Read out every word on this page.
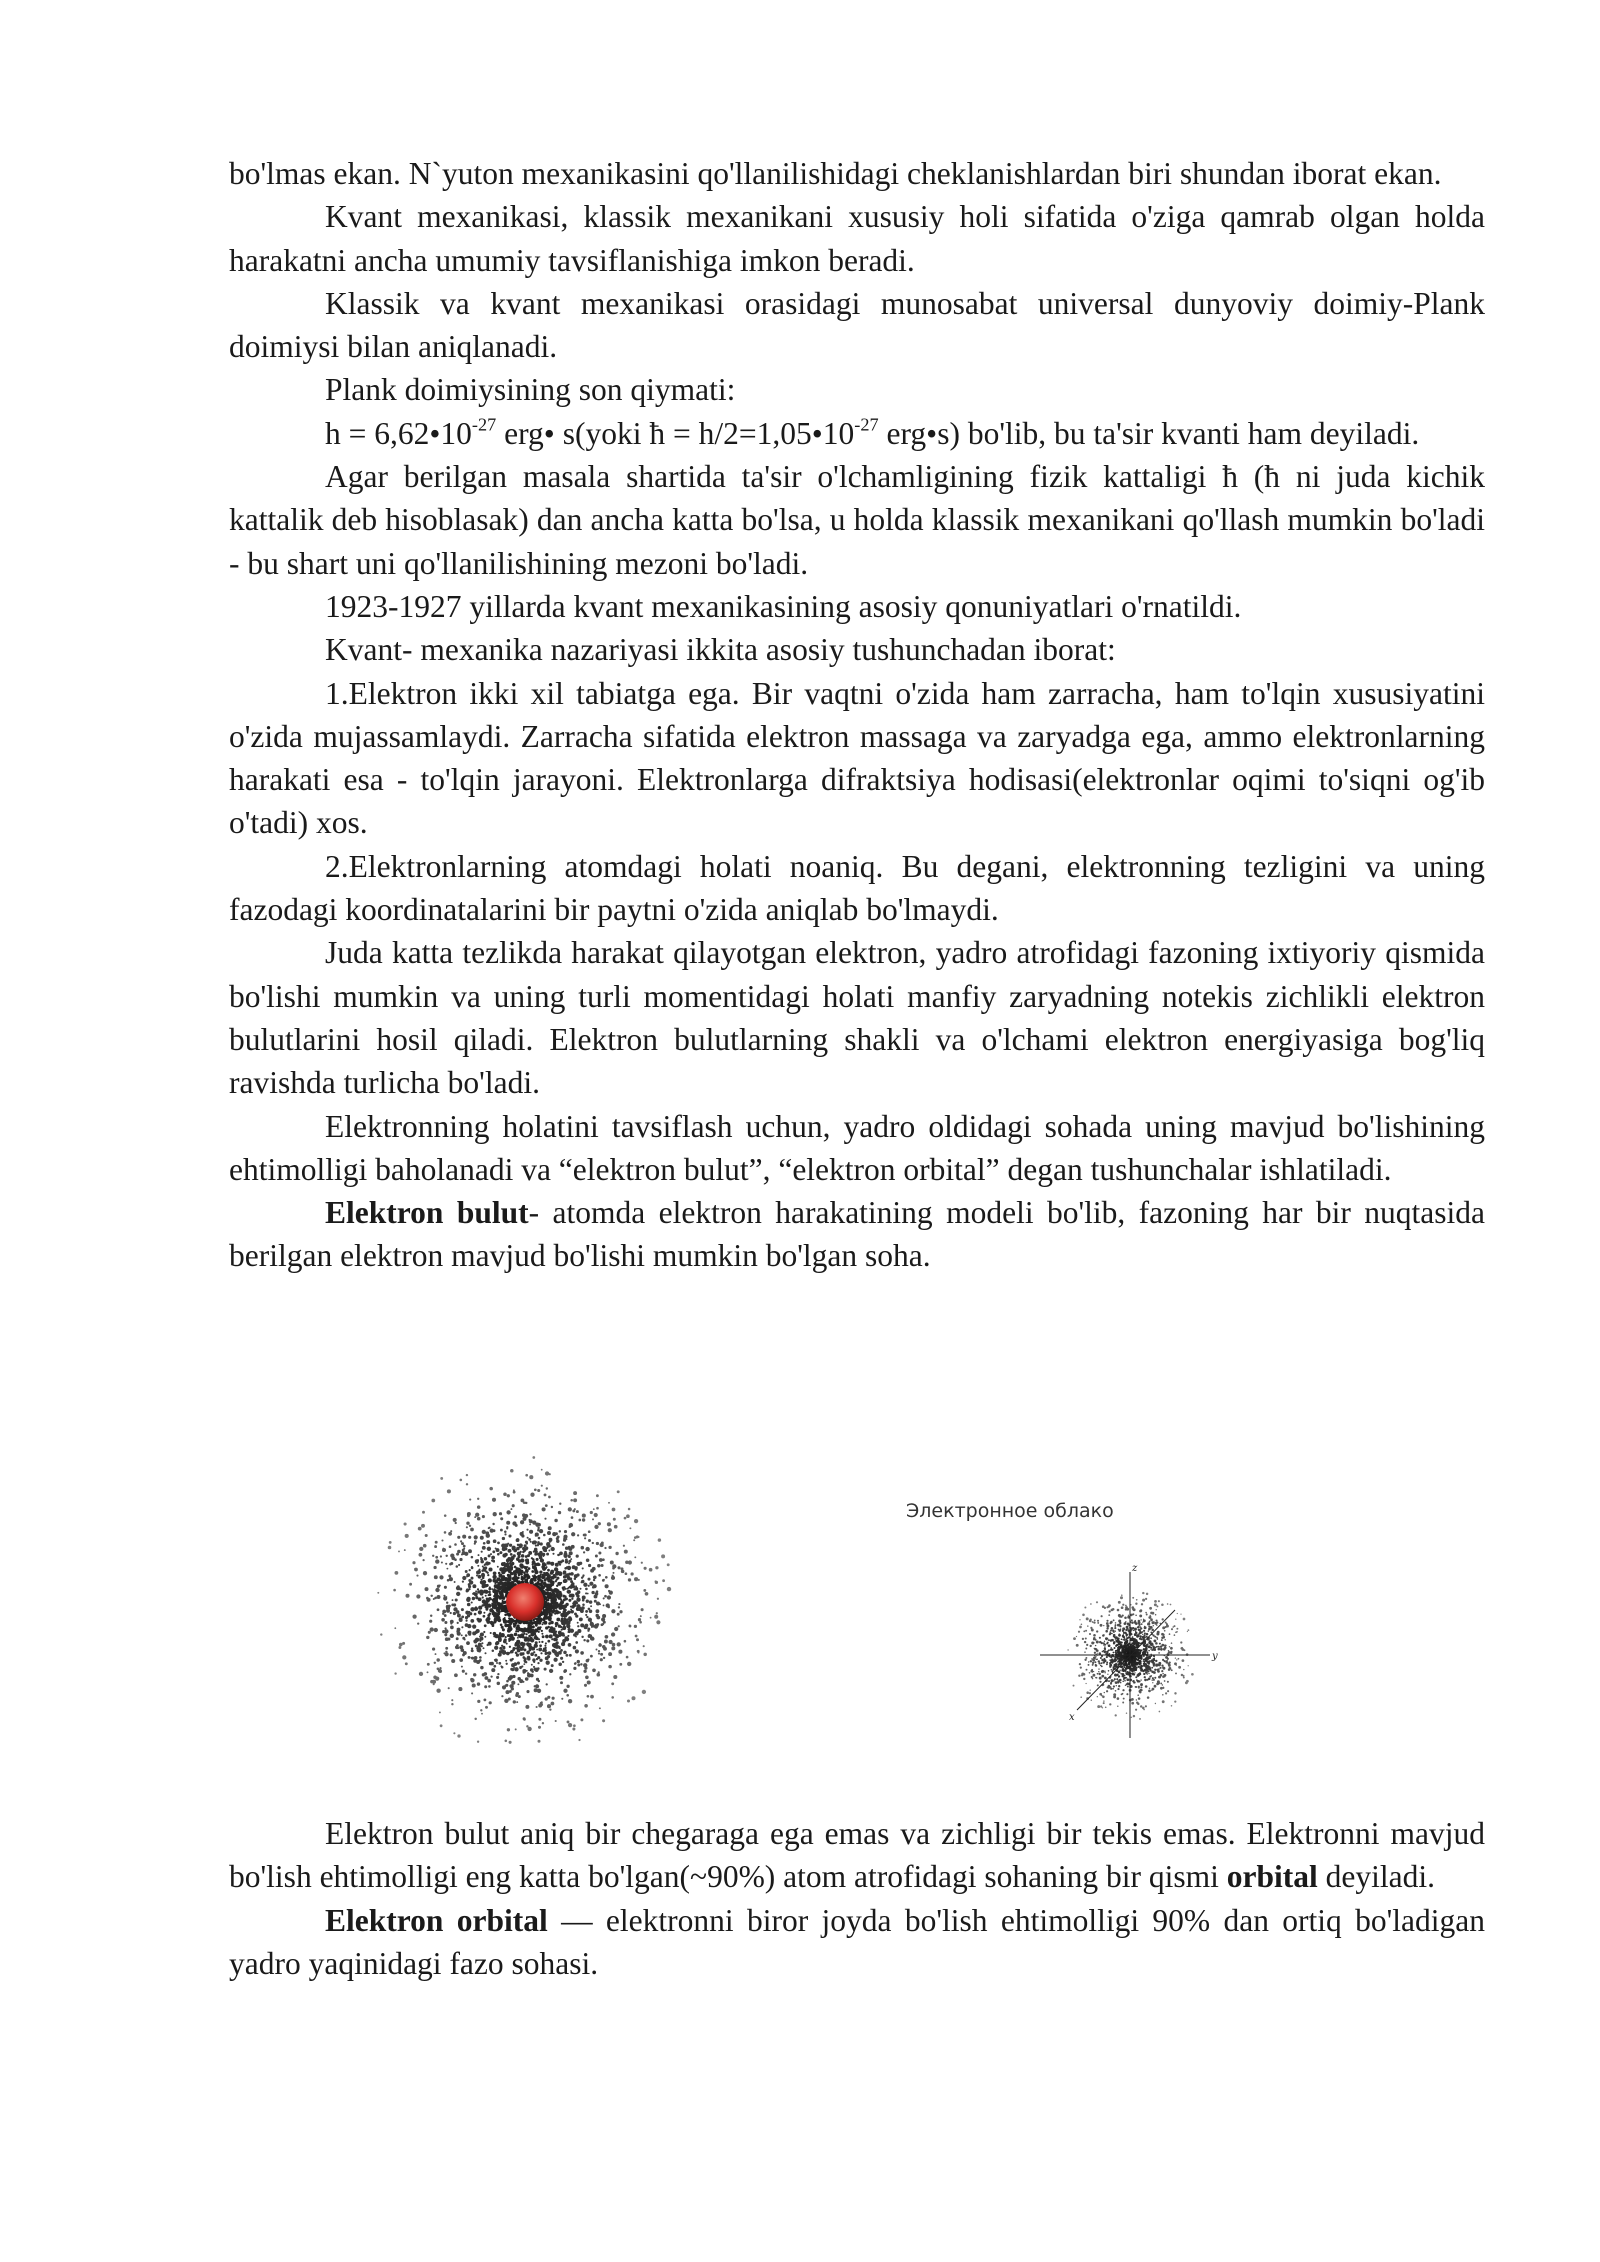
bo'lmas ekan. N`yuton mexanikasini qo'llanilishidagi cheklanishlardan biri shundan iborat ekan.

Kvant mexanikasi, klassik mexanikani xususiy holi sifatida o'ziga qamrab olgan holda harakatni ancha umumiy tavsiflanishiga imkon beradi.

Klassik va kvant mexanikasi orasidagi munosabat universal dunyoviy doimiy-Plank doimiysi bilan aniqlanadi.

Plank doimiysining son qiymati:

$h = 6,62•10^{-27}$ erg• s(yoki ħ = $h/2=1,05•10^{-27}$ erg•s) bo'lib, bu ta'sir kvanti ham deyiladi.

Agar berilgan masala shartida ta'sir o'lchamligining fizik kattaligi ħ (ħ ni juda kichik kattalik deb hisoblasak) dan ancha katta bo'lsa, u holda klassik mexanikani qo'llash mumkin bo'ladi - bu shart uni qo'llanilishining mezoni bo'ladi.

1923-1927 yillarda kvant mexanikasining asosiy qonuniyatlari o'rnatildi.

Kvant- mexanika nazariyasi ikkita asosiy tushunchadan iborat:

1.Elektron ikki xil tabiatga ega. Bir vaqtni o'zida ham zarracha, ham to'lqin xususiyatini o'zida mujassamlaydi. Zarracha sifatida elektron massaga va zaryadga ega, ammo elektronlarning harakati esa - to'lqin jarayoni. Elektronlarga difraktsiya hodisasi(elektronlar oqimi to'siqni og'ib o'tadi) xos.

2.Elektronlarning atomdagi holati noaniq. Bu degani, elektronning tezligini va uning fazodagi koordinatalarini bir paytni o'zida aniqlab bo'lmaydi.

Juda katta tezlikda harakat qilayotgan elektron, yadro atrofidagi fazoning ixtiyoriy qismida bo'lishi mumkin va uning turli momentidagi holati manfiy zaryadning notekis zichlikli elektron bulutlarini hosil qiladi. Elektron bulutlarning shakli va o'lchami elektron energiyasiga bog'liq ravishda turlicha bo'ladi.

Elektronning holatini tavsiflash uchun, yadro oldidagi sohada uning mavjud bo'lishining ehtimolligi baholanadi va “elektron bulut”, “elektron orbital” degan tushunchalar ishlatiladi.

Elektron bulut- atomda elektron harakatining modeli bo'lib, fazoning har bir nuqtasida berilgan elektron mavjud bo'lishi mumkin bo'lgan soha.

Электронное облако
z
y
x

Elektron bulut aniq bir chegaraga ega emas va zichligi bir tekis emas. Elektronni mavjud bo'lish ehtimolligi eng katta bo'lgan(~90%) atom atrofidagi sohaning bir qismi orbital deyiladi.

Elektron orbital — elektronni biror joyda bo'lish ehtimolligi 90% dan ortiq bo'ladigan yadro yaqinidagi fazo sohasi.
